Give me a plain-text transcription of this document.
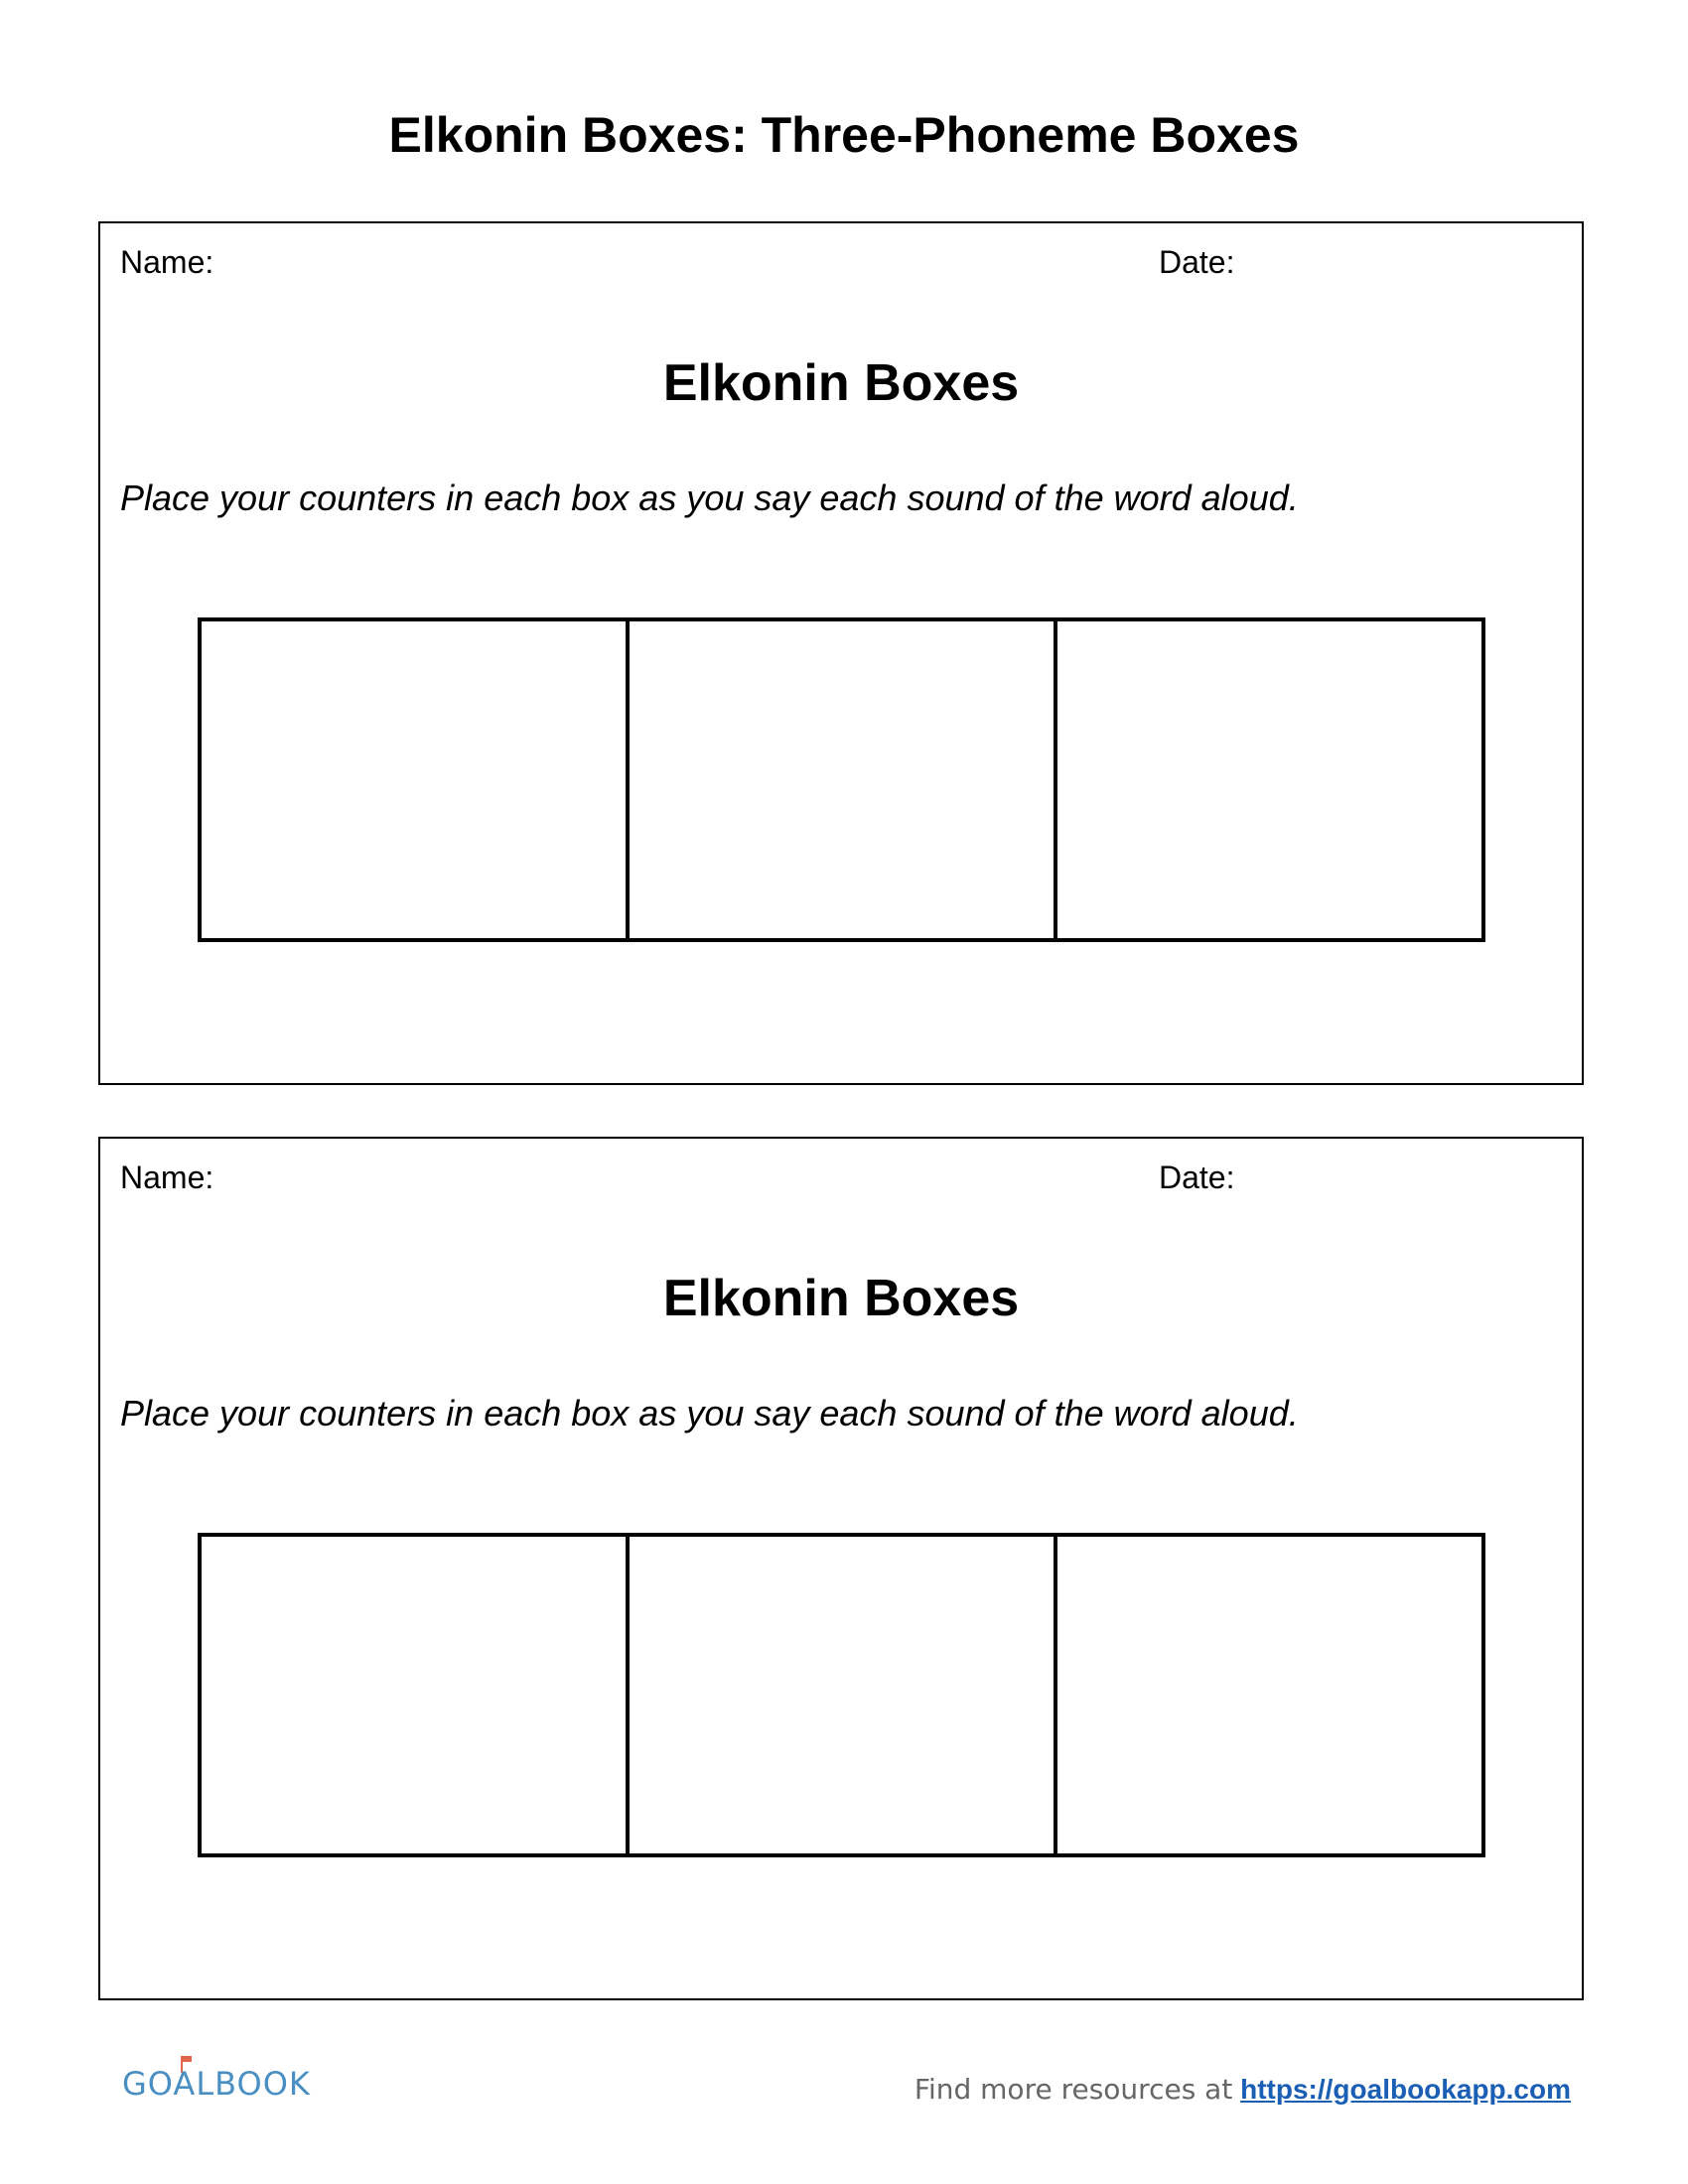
Elkonin Boxes: Three-Phoneme Boxes
Name:	Date:
Elkonin Boxes
Place your counters in each box as you say each sound of the word aloud.
Name:	Date:
Elkonin Boxes
Place your counters in each box as you say each sound of the word aloud.
GOALBOOK	Find more resources at https://goalbookapp.com
